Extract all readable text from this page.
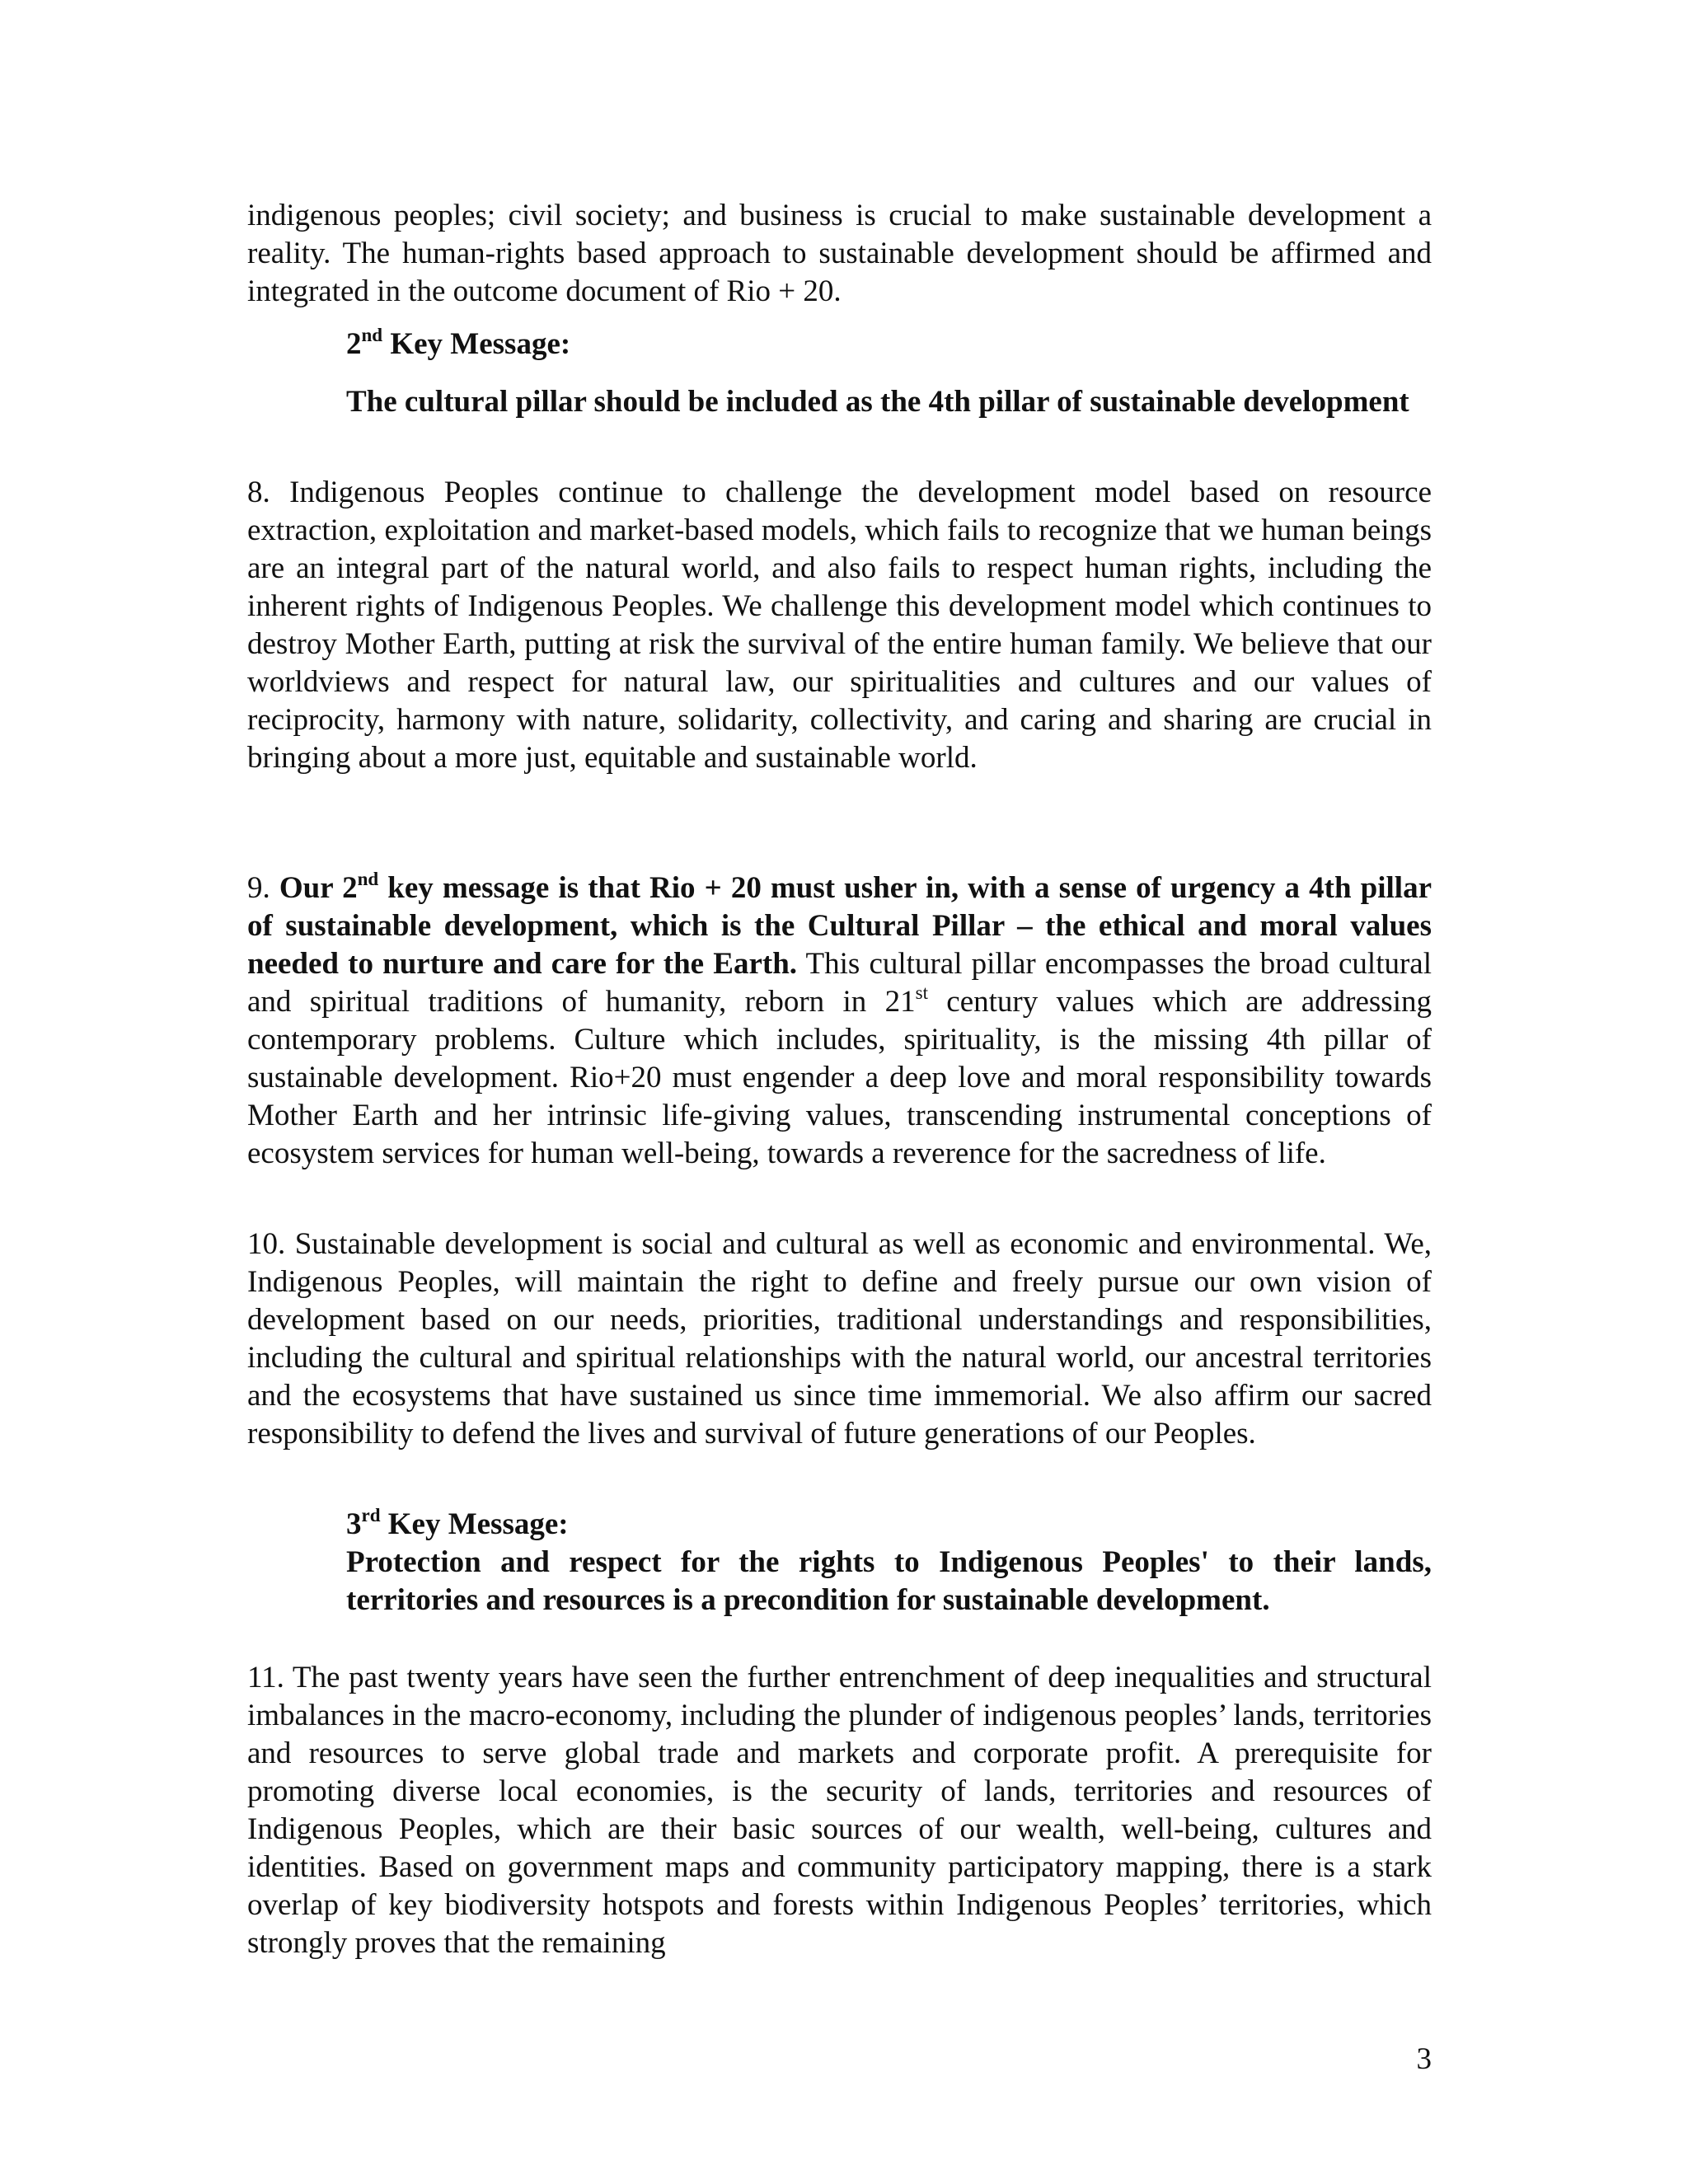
indigenous peoples; civil society; and business is crucial to make sustainable development a reality. The human-rights based approach to sustainable development should be affirmed and integrated in the outcome document of Rio + 20.

2nd Key Message:

The cultural pillar should be included as the 4th pillar of sustainable development

8. Indigenous Peoples continue to challenge the development model based on resource extraction, exploitation and market-based models, which fails to recognize that we human beings are an integral part of the natural world, and also fails to respect human rights, including the inherent rights of Indigenous Peoples. We challenge this development model which continues to destroy Mother Earth, putting at risk the survival of the entire human family. We believe that our worldviews and respect for natural law, our spiritualities and cultures and our values of reciprocity, harmony with nature, solidarity, collectivity, and caring and sharing are crucial in bringing about a more just, equitable and sustainable world.

9. Our 2nd key message is that Rio + 20 must usher in, with a sense of urgency a 4th pillar of sustainable development, which is the Cultural Pillar – the ethical and moral values needed to nurture and care for the Earth. This cultural pillar encompasses the broad cultural and spiritual traditions of humanity, reborn in 21st century values which are addressing contemporary problems. Culture which includes, spirituality, is the missing 4th pillar of sustainable development. Rio+20 must engender a deep love and moral responsibility towards Mother Earth and her intrinsic life-giving values, transcending instrumental conceptions of ecosystem services for human well-being, towards a reverence for the sacredness of life.

10. Sustainable development is social and cultural as well as economic and environmental. We, Indigenous Peoples, will maintain the right to define and freely pursue our own vision of development based on our needs, priorities, traditional understandings and responsibilities, including the cultural and spiritual relationships with the natural world, our ancestral territories and the ecosystems that have sustained us since time immemorial. We also affirm our sacred responsibility to defend the lives and survival of future generations of our Peoples.

3rd Key Message:

Protection and respect for the rights to Indigenous Peoples' to their lands, territories and resources is a precondition for sustainable development.

11. The past twenty years have seen the further entrenchment of deep inequalities and structural imbalances in the macro-economy, including the plunder of indigenous peoples’ lands, territories and resources to serve global trade and markets and corporate profit. A prerequisite for promoting diverse local economies, is the security of lands, territories and resources of Indigenous Peoples, which are their basic sources of our wealth, well-being, cultures and identities. Based on government maps and community participatory mapping, there is a stark overlap of key biodiversity hotspots and forests within Indigenous Peoples’ territories, which strongly proves that the remaining

3
